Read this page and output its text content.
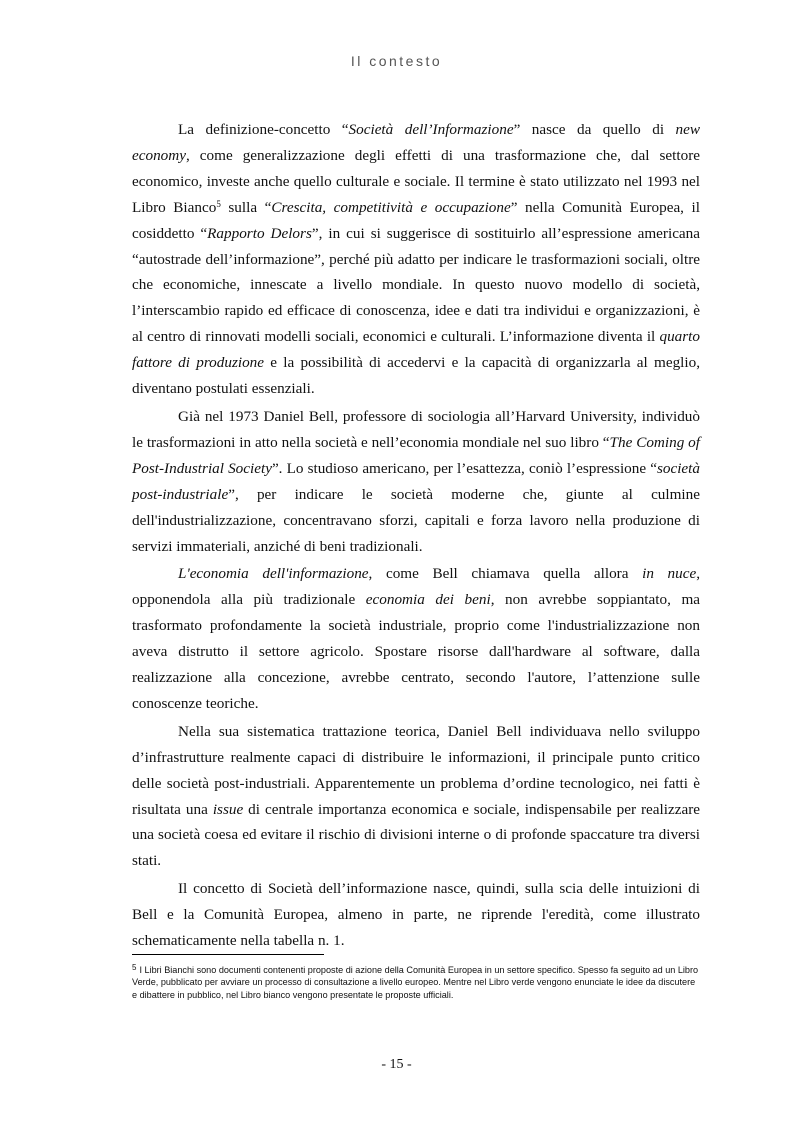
Il contesto

La definizione-concetto “Società dell’Informazione” nasce da quello di new economy, come generalizzazione degli effetti di una trasformazione che, dal settore economico, investe anche quello culturale e sociale. Il termine è stato utilizzato nel 1993 nel Libro Bianco$^5$ sulla “Crescita, competitività e occupazione” nella Comunità Europea, il cosiddetto “Rapporto Delors”, in cui si suggerisce di sostituirlo all’espressione americana “autostrade dell’informazione”, perché più adatto per indicare le trasformazioni sociali, oltre che economiche, innescate a livello mondiale. In questo nuovo modello di società, l’interscambio rapido ed efficace di conoscenza, idee e dati tra individui e organizzazioni, è al centro di rinnovati modelli sociali, economici e culturali. L’informazione diventa il quarto fattore di produzione e la possibilità di accedervi e la capacità di organizzarla al meglio, diventano postulati essenziali.

Già nel 1973 Daniel Bell, professore di sociologia all’Harvard University, individuò le trasformazioni in atto nella società e nell’economia mondiale nel suo libro “The Coming of Post-Industrial Society”. Lo studioso americano, per l’esattezza, coniò l’espressione “società post-industriale”, per indicare le società moderne che, giunte al culmine dell'industrializzazione, concentravano sforzi, capitali e forza lavoro nella produzione di servizi immateriali, anziché di beni tradizionali.

L'economia dell'informazione, come Bell chiamava quella allora in nuce, opponendola alla più tradizionale economia dei beni, non avrebbe soppiantato, ma trasformato profondamente la società industriale, proprio come l'industrializzazione non aveva distrutto il settore agricolo. Spostare risorse dall'hardware al software, dalla realizzazione alla concezione, avrebbe centrato, secondo l'autore, l’attenzione sulle conoscenze teoriche.

Nella sua sistematica trattazione teorica, Daniel Bell individuava nello sviluppo d’infrastrutture realmente capaci di distribuire le informazioni, il principale punto critico delle società post-industriali. Apparentemente un problema d’ordine tecnologico, nei fatti è risultata una issue di centrale importanza economica e sociale, indispensabile per realizzare una società coesa ed evitare il rischio di divisioni interne o di profonde spaccature tra diversi stati.

Il concetto di Società dell’informazione nasce, quindi, sulla scia delle intuizioni di Bell e la Comunità Europea, almeno in parte, ne riprende l'eredità, come illustrato schematicamente nella tabella n. 1.

5 I Libri Bianchi sono documenti contenenti proposte di azione della Comunità Europea in un settore specifico. Spesso fa seguito ad un Libro Verde, pubblicato per avviare un processo di consultazione a livello europeo. Mentre nel Libro verde vengono enunciate le idee da discutere e dibattere in pubblico, nel Libro bianco vengono presentate le proposte ufficiali.
- 15 -
